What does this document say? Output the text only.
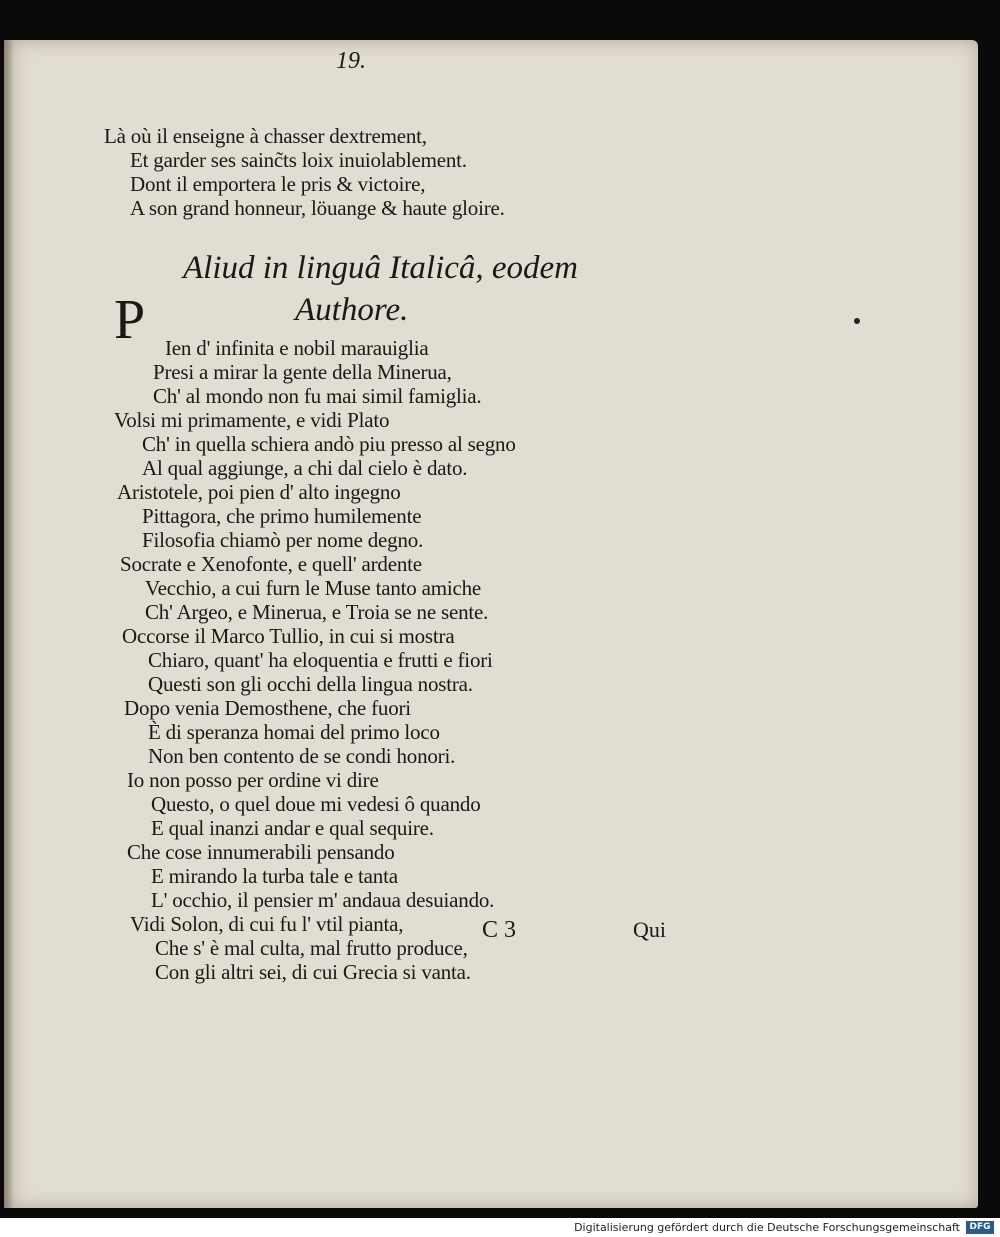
19.
Là où il enseigne à chasser dextrement,
Et garder ses sainc̃ts loix inuiolablement.
Dont il emportera le pris & victoire,
A son grand honneur, löuange & haute gloire.
Aliud in linguâ Italicâ, eodem
Authore.
P Ien d' infinita e nobil marauiglia
Presi a mirar la gente della Minerua,
Ch' al mondo non fu mai simil famiglia.
Volsi mi primamente, e vidi Plato
Ch' in quella schiera andò piu presso al segno
Al qual aggiunge, a chi dal cielo è dato.
Aristotele, poi pien d' alto ingegno
Pittagora, che primo humilemente
Filosofia chiamò per nome degno.
Socrate e Xenofonte, e quell' ardente
Vecchio, a cui furn le Muse tanto amiche
Ch' Argeo, e Minerua, e Troia se ne sente.
Occorse il Marco Tullio, in cui si mostra
Chiaro, quant' ha eloquentia e frutti e fiori
Questi son gli occhi della lingua nostra.
Dopo venia Demosthene, che fuori
È di speranza homai del primo loco
Non ben contento de se condi honori.
Io non posso per ordine vi dire
Questo, o quel doue mi vedesi ô quando
E qual inanzi andar e qual sequire.
Che cose innumerabili pensando
E mirando la turba tale e tanta
L' occhio, il pensier m' andaua desuiando.
Vidi Solon, di cui fu l' vtil pianta,
Che s' è mal culta, mal frutto produce,
Con gli altri sei, di cui Grecia si vanta.
C 3	Qui
Digitalisierung gefördert durch die Deutsche Forschungsgemeinschaft	DFG
